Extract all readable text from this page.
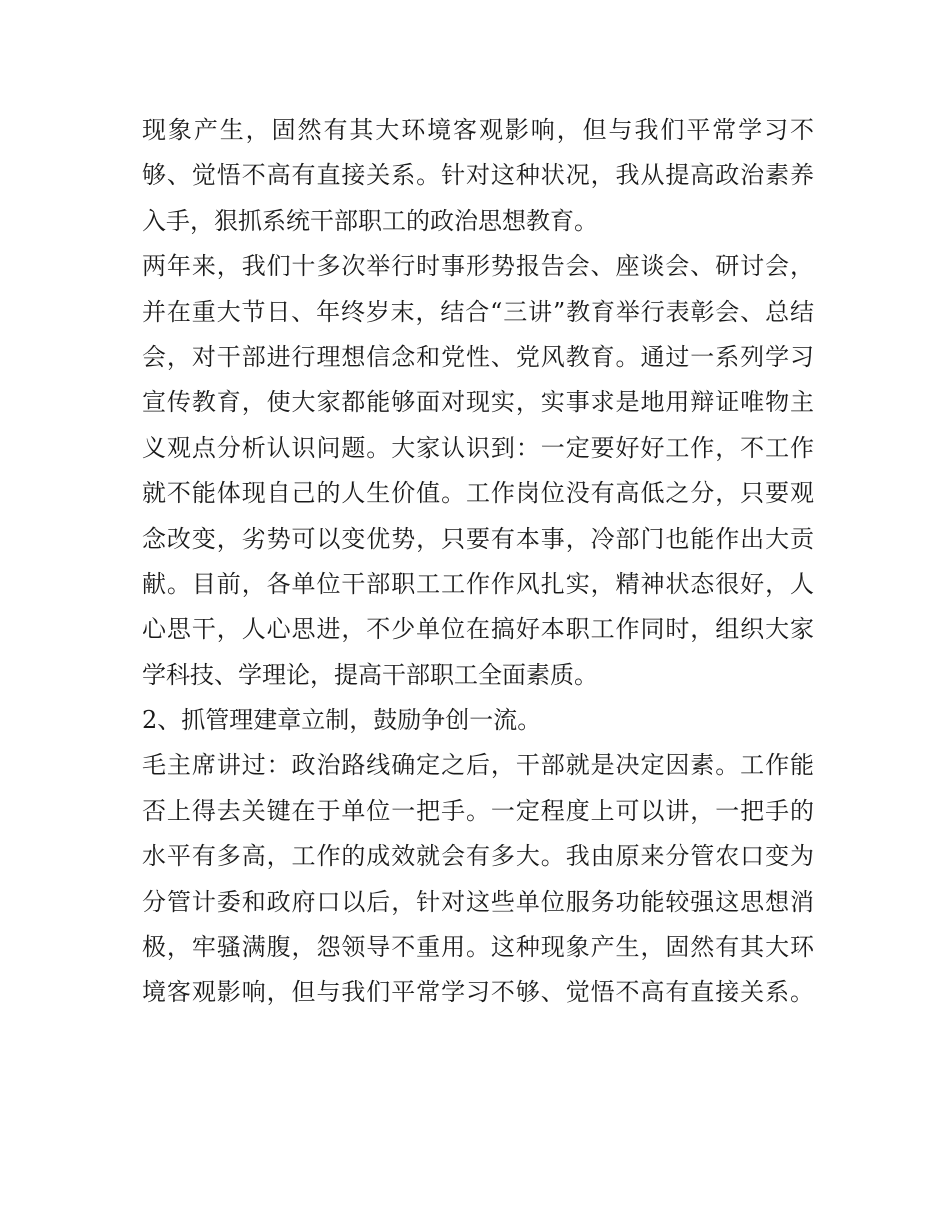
现象产生，固然有其大环境客观影响，但与我们平常学习不
够、觉悟不高有直接关系。针对这种状况，我从提高政治素养
入手，狠抓系统干部职工的政治思想教育。
两年来，我们十多次举行时事形势报告会、座谈会、研讨会，
并在重大节日、年终岁末，结合“三讲”教育举行表彰会、总结
会，对干部进行理想信念和党性、党风教育。通过一系列学习
宣传教育，使大家都能够面对现实，实事求是地用辩证唯物主
义观点分析认识问题。大家认识到：一定要好好工作，不工作
就不能体现自己的人生价值。工作岗位没有高低之分，只要观
念改变，劣势可以变优势，只要有本事，冷部门也能作出大贡
献。目前，各单位干部职工工作作风扎实，精神状态很好，人
心思干，人心思进，不少单位在搞好本职工作同时，组织大家
学科技、学理论，提高干部职工全面素质。
2、抓管理建章立制，鼓励争创一流。
毛主席讲过：政治路线确定之后，干部就是决定因素。工作能
否上得去关键在于单位一把手。一定程度上可以讲，一把手的
水平有多高，工作的成效就会有多大。我由原来分管农口变为
分管计委和政府口以后，针对这些单位服务功能较强这思想消
极，牢骚满腹，怨领导不重用。这种现象产生，固然有其大环
境客观影响，但与我们平常学习不够、觉悟不高有直接关系。
